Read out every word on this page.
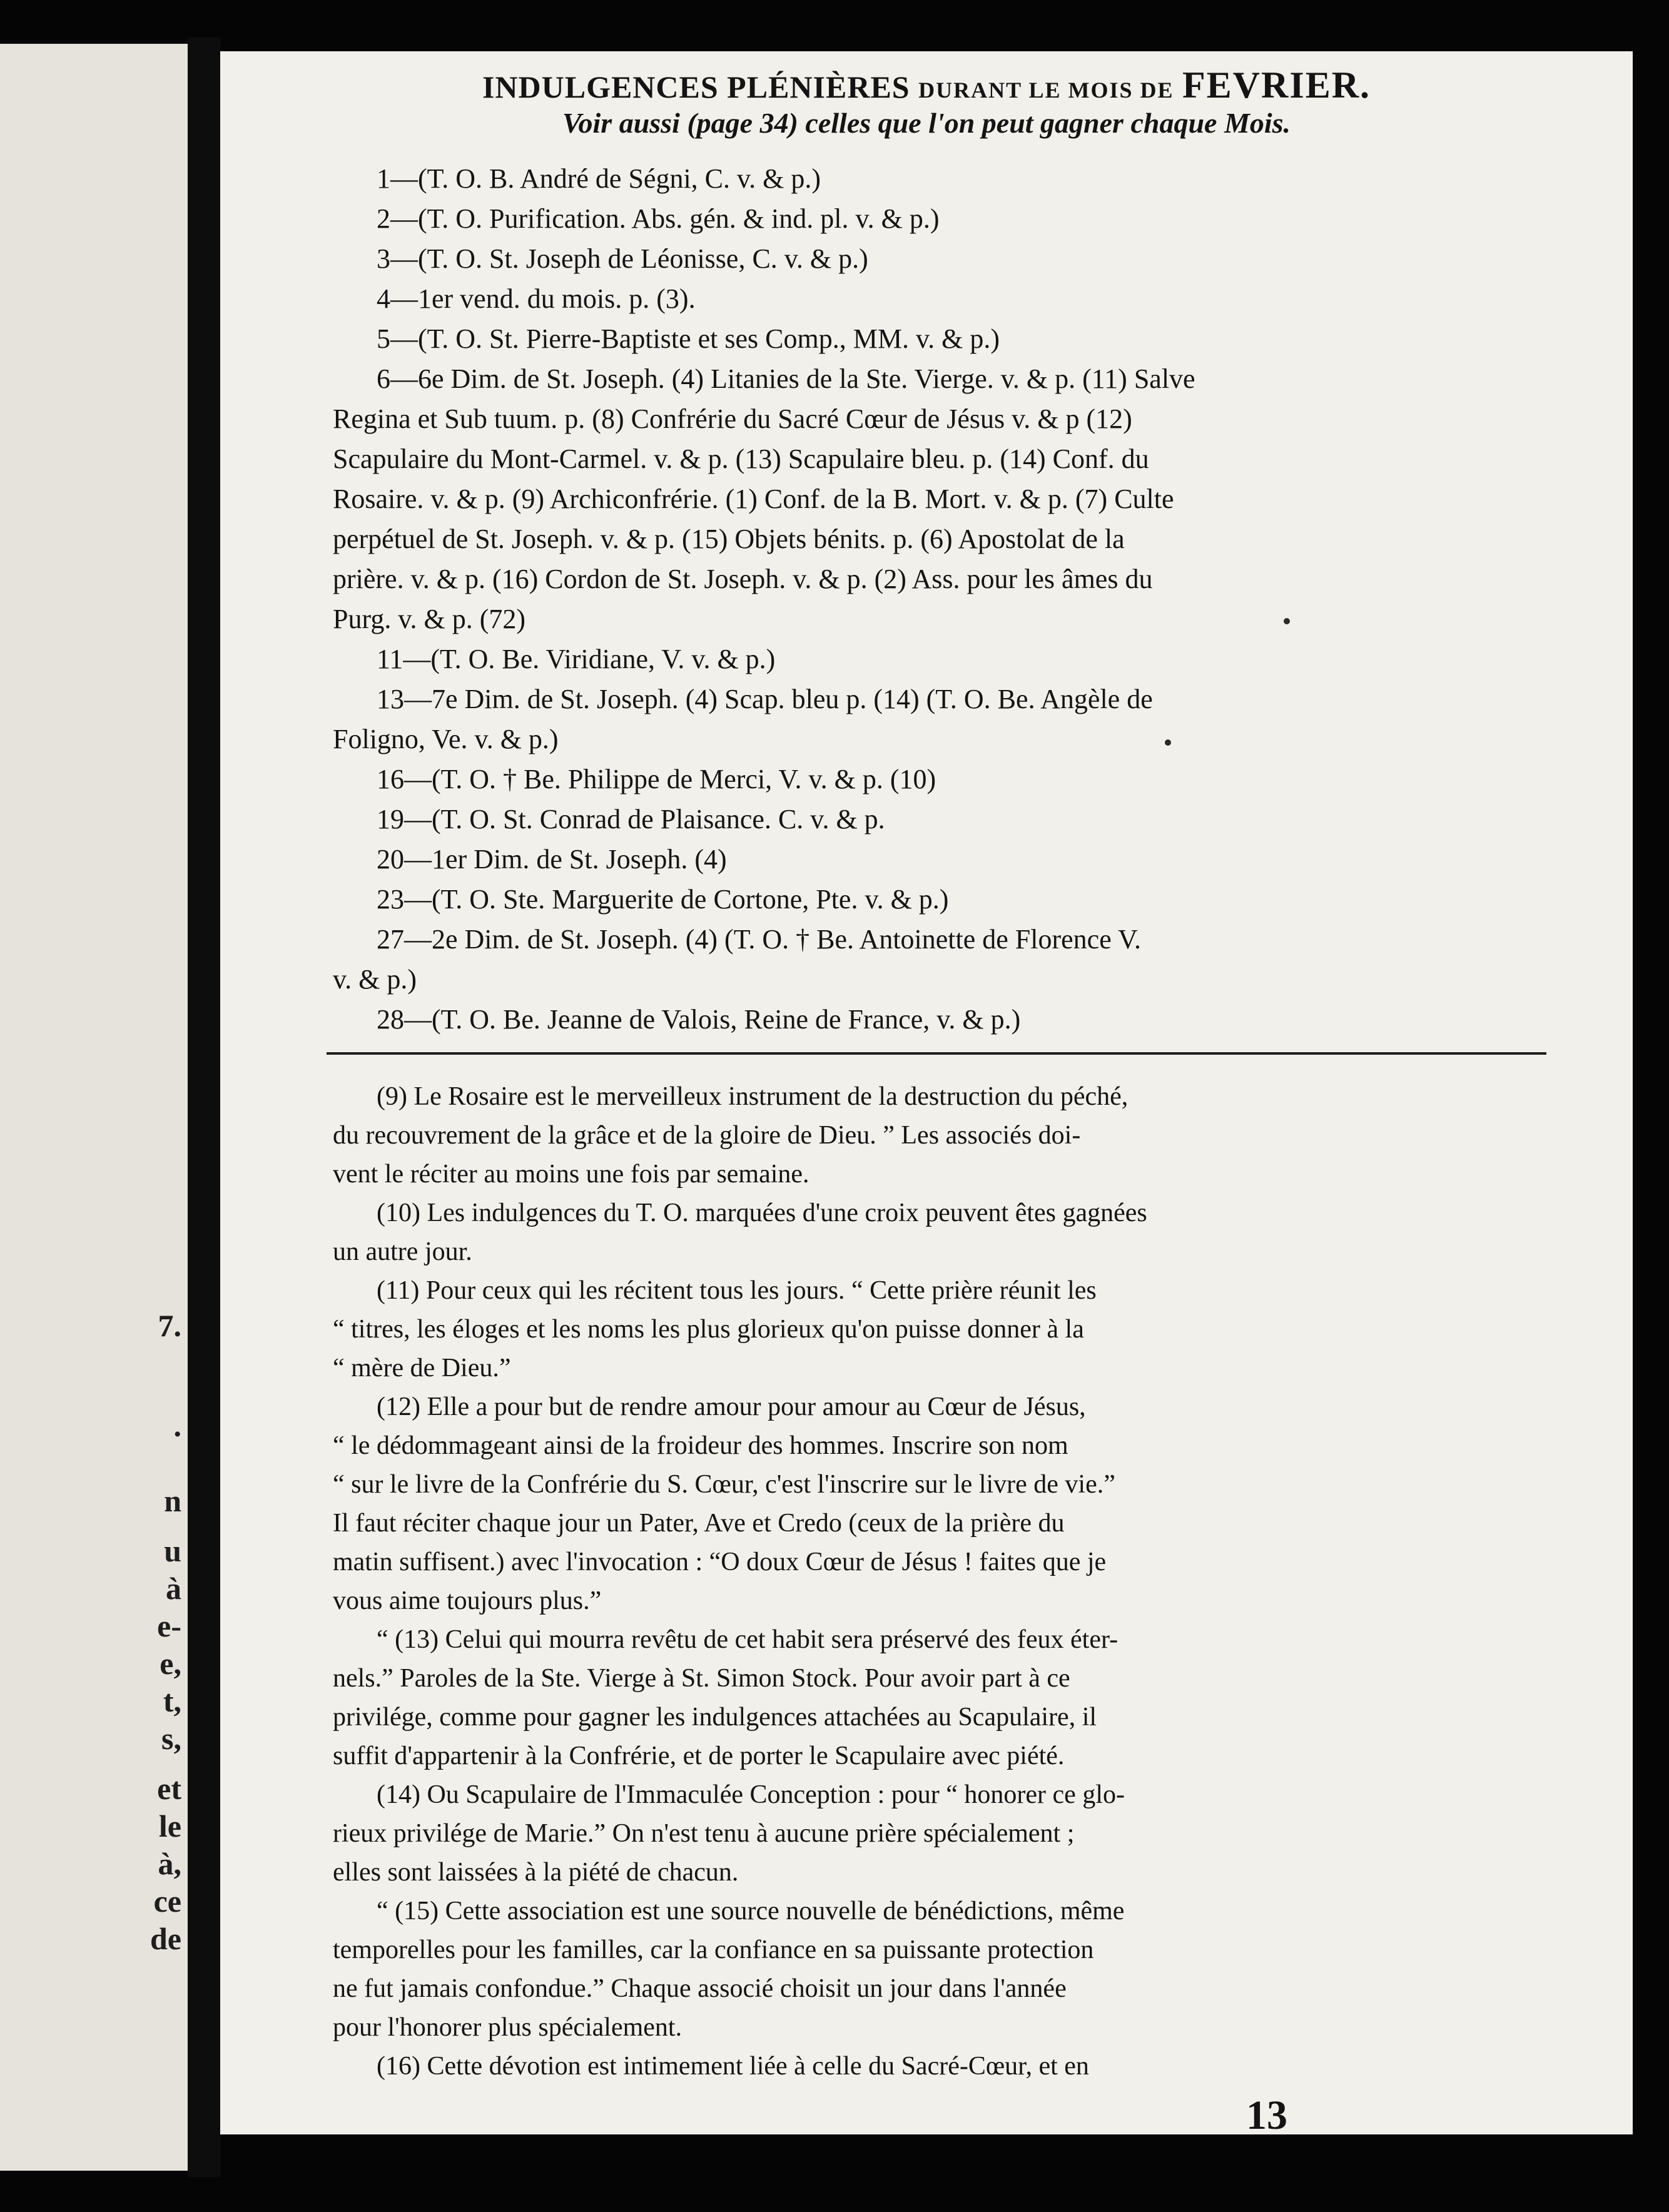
7.
.
n
u
à
e-
e,
t,
s,
et
le
à,
ce
de
INDULGENCES PLÉNIÈRES DURANT LE MOIS DE FEVRIER.
Voir aussi (page 34) celles que l'on peut gagner chaque Mois.
1—(T. O. B. André de Ségni, C. v. & p.)
2—(T. O. Purification. Abs. gén. & ind. pl. v. & p.)
3—(T. O. St. Joseph de Léonisse, C. v. & p.)
4—1er vend. du mois. p. (3).
5—(T. O. St. Pierre-Baptiste et ses Comp., MM. v. & p.)
6—6e Dim. de St. Joseph. (4) Litanies de la Ste. Vierge. v. & p. (11) Salve
Regina et Sub tuum. p. (8) Confrérie du Sacré Cœur de Jésus v. & p (12)
Scapulaire du Mont-Carmel. v. & p. (13) Scapulaire bleu. p. (14) Conf. du
Rosaire. v. & p. (9) Archiconfrérie. (1) Conf. de la B. Mort. v. & p. (7) Culte
perpétuel de St. Joseph. v. & p. (15) Objets bénits. p. (6) Apostolat de la
prière. v. & p. (16) Cordon de St. Joseph. v. & p. (2) Ass. pour les âmes du
Purg. v. & p. (72)
11—(T. O. Be. Viridiane, V. v. & p.)
13—7e Dim. de St. Joseph. (4) Scap. bleu p. (14) (T. O. Be. Angèle de
Foligno, Ve. v. & p.)
16—(T. O. † Be. Philippe de Merci, V. v. & p. (10)
19—(T. O. St. Conrad de Plaisance. C. v. & p.
20—1er Dim. de St. Joseph. (4)
23—(T. O. Ste. Marguerite de Cortone, Pte. v. & p.)
27—2e Dim. de St. Joseph. (4) (T. O. † Be. Antoinette de Florence V.
v. & p.)
28—(T. O. Be. Jeanne de Valois, Reine de France, v. & p.)
(9) Le Rosaire est le merveilleux instrument de la destruction du péché,
du recouvrement de la grâce et de la gloire de Dieu. ” Les associés doi-
vent le réciter au moins une fois par semaine.
(10) Les indulgences du T. O. marquées d'une croix peuvent êtes gagnées
un autre jour.
(11) Pour ceux qui les récitent tous les jours. “ Cette prière réunit les
“ titres, les éloges et les noms les plus glorieux qu'on puisse donner à la
“ mère de Dieu.”
(12) Elle a pour but de rendre amour pour amour au Cœur de Jésus,
“ le dédommageant ainsi de la froideur des hommes. Inscrire son nom
“ sur le livre de la Confrérie du S. Cœur, c'est l'inscrire sur le livre de vie.”
Il faut réciter chaque jour un Pater, Ave et Credo (ceux de la prière du
matin suffisent.) avec l'invocation : “O doux Cœur de Jésus ! faites que je
vous aime toujours plus.”
“ (13) Celui qui mourra revêtu de cet habit sera préservé des feux éter-
nels.” Paroles de la Ste. Vierge à St. Simon Stock. Pour avoir part à ce
privilége, comme pour gagner les indulgences attachées au Scapulaire, il
suffit d'appartenir à la Confrérie, et de porter le Scapulaire avec piété.
(14) Ou Scapulaire de l'Immaculée Conception : pour “ honorer ce glo-
rieux privilége de Marie.” On n'est tenu à aucune prière spécialement ;
elles sont laissées à la piété de chacun.
“ (15) Cette association est une source nouvelle de bénédictions, même
temporelles pour les familles, car la confiance en sa puissante protection
ne fut jamais confondue.” Chaque associé choisit un jour dans l'année
pour l'honorer plus spécialement.
(16) Cette dévotion est intimement liée à celle du Sacré-Cœur, et en
13
